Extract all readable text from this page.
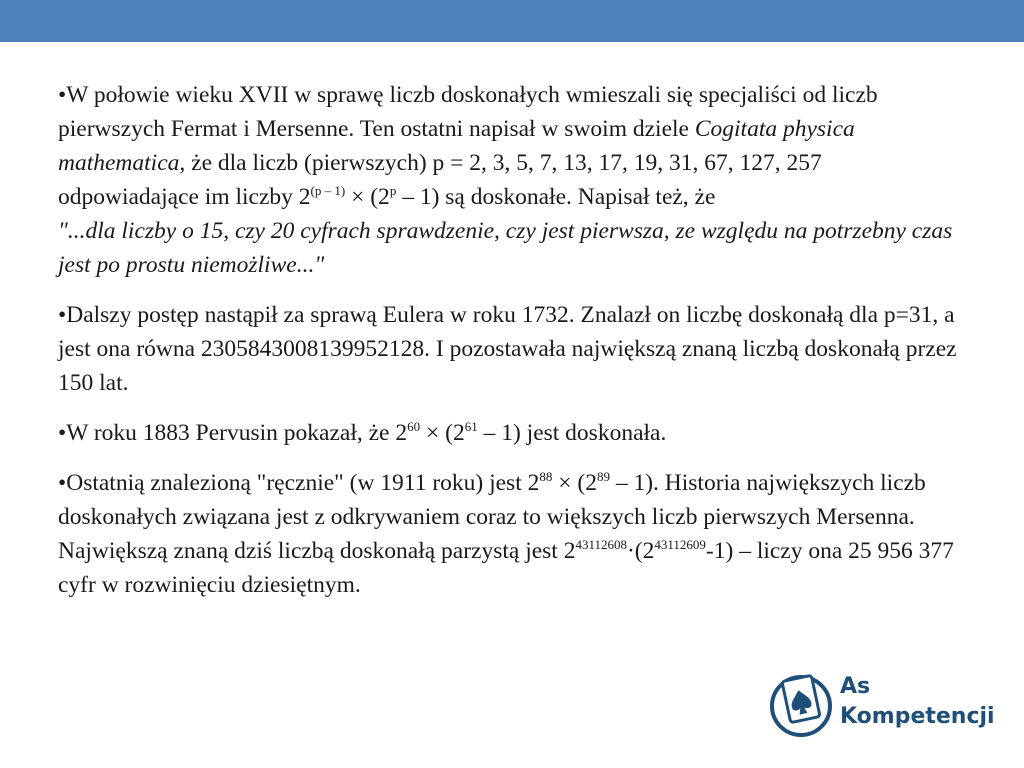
•W połowie wieku XVII w sprawę liczb doskonałych wmieszali się specjaliści od liczb pierwszych Fermat i Mersenne. Ten ostatni napisał w swoim dziele Cogitata physica mathematica, że dla liczb (pierwszych) p = 2, 3, 5, 7, 13, 17, 19, 31, 67, 127, 257 odpowiadające im liczby $2^{(p - 1)} \times (2^p - 1)$ są doskonałe. Napisał też, że

"...dla liczby o 15, czy 20 cyfrach sprawdzenie, czy jest pierwsza, ze względu na potrzebny czas jest po prostu niemożliwe..."

•Dalszy postęp nastąpił za sprawą Eulera w roku 1732. Znalazł on liczbę doskonałą dla p=31, a jest ona równa 2305843008139952128. I pozostawała największą znaną liczbą doskonałą przez 150 lat.

•W roku 1883 Pervusin pokazał, że $2^{60} \times (2^{61} - 1)$ jest doskonała.

•Ostatnią znalezioną "ręcznie" (w 1911 roku) jest $2^{88} \times (2^{89} - 1)$. Historia największych liczb doskonałych związana jest z odkrywaniem coraz to większych liczb pierwszych Mersenna. Największą znaną dziś liczbą doskonałą parzystą jest $2^{43112608}\cdot(2^{43112609}-1)$ – liczy ona 25 956 377 cyfr w rozwinięciu dziesiętnym.

As
Kompetencji
